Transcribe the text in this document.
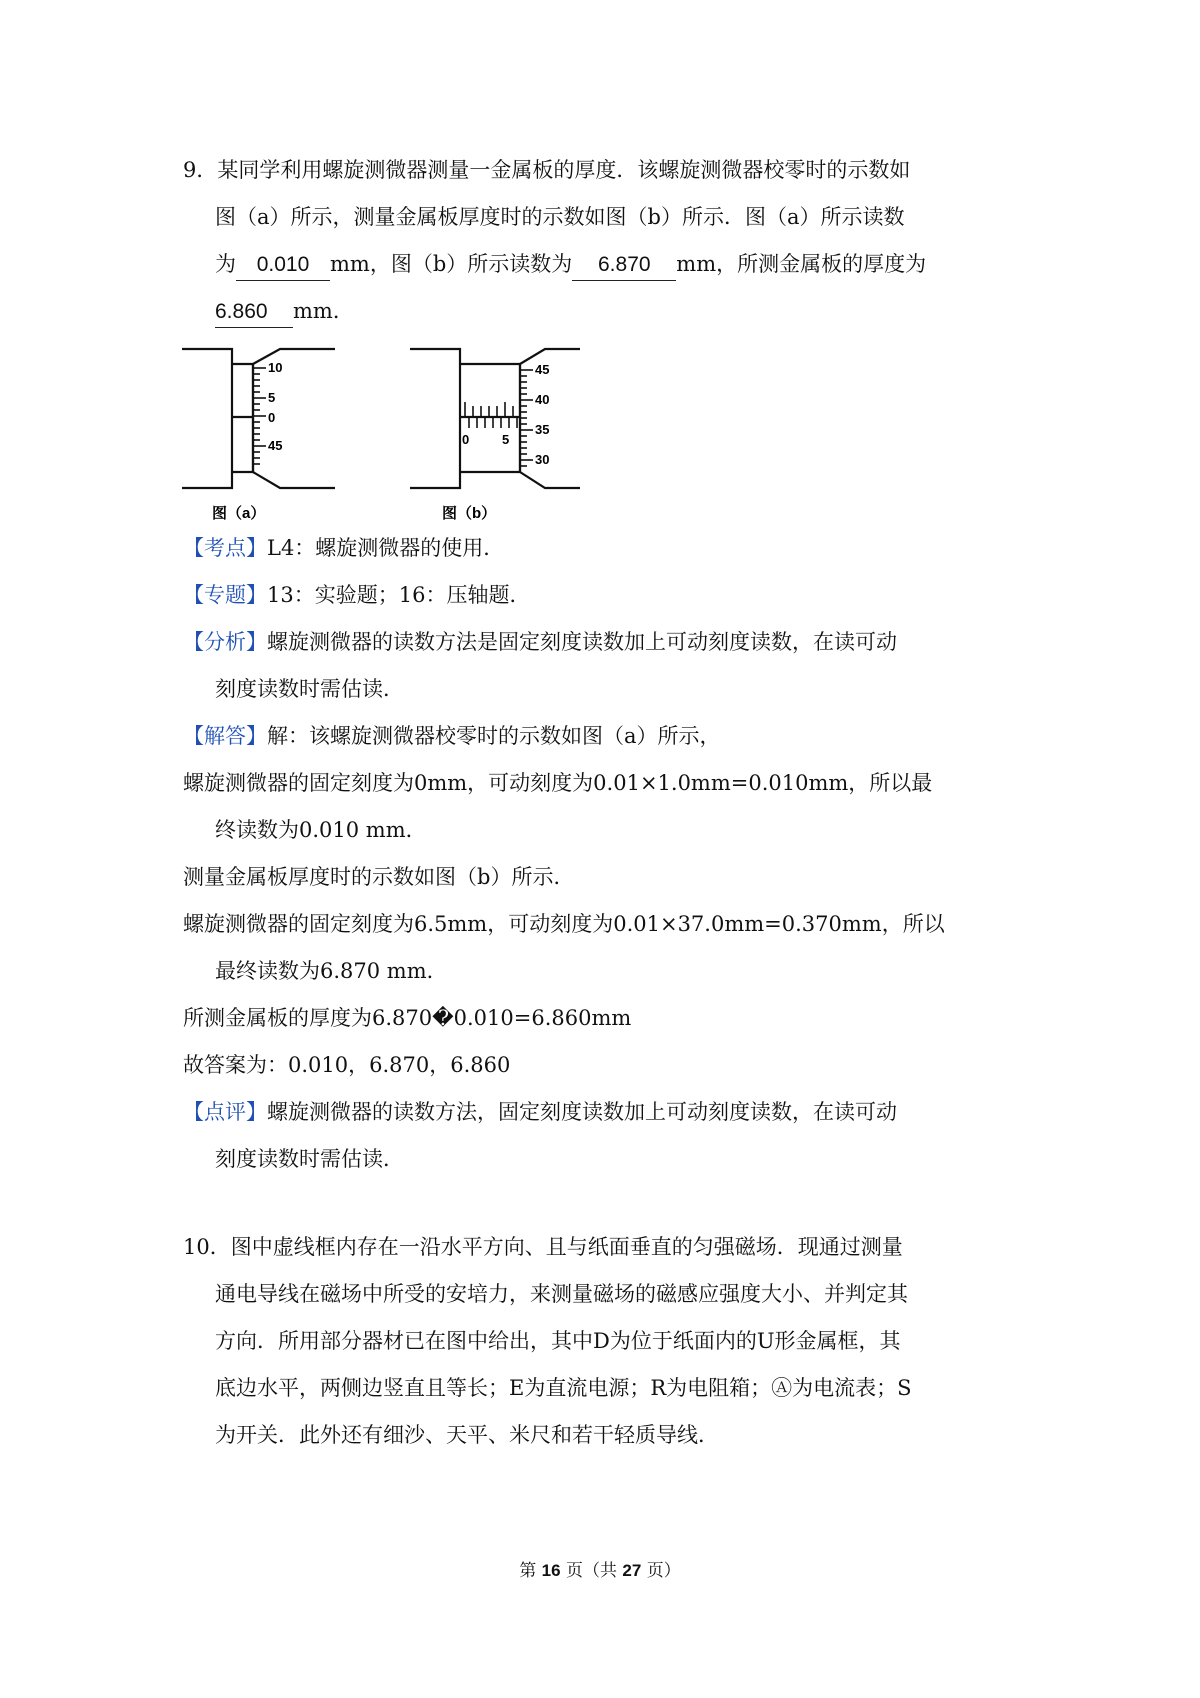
9．某同学利用螺旋测微器测量一金属板的厚度．该螺旋测微器校零时的示数如
图（a）所示，测量金属板厚度时的示数如图（b）所示．图（a）所示读数
为 0.010 mm，图（b）所示读数为 6.870 mm，所测金属板的厚度为
6.860 mm．
10
5
0
45
图（a）
45
40
35
30
0	5
图（b）
【考点】L4：螺旋测微器的使用．
【专题】13：实验题；16：压轴题．
【分析】螺旋测微器的读数方法是固定刻度读数加上可动刻度读数，在读可动
刻度读数时需估读．
【解答】解：该螺旋测微器校零时的示数如图（a）所示，
螺旋测微器的固定刻度为0mm，可动刻度为0.01×1.0mm=0.010mm，所以最
终读数为0.010 mm．
测量金属板厚度时的示数如图（b）所示．
螺旋测微器的固定刻度为6.5mm，可动刻度为0.01×37.0mm=0.370mm，所以
最终读数为6.870 mm．
所测金属板的厚度为6.870�0.010=6.860mm
故答案为：0.010，6.870，6.860
【点评】螺旋测微器的读数方法，固定刻度读数加上可动刻度读数，在读可动
刻度读数时需估读．
10．图中虚线框内存在一沿水平方向、且与纸面垂直的匀强磁场．现通过测量
通电导线在磁场中所受的安培力，来测量磁场的磁感应强度大小、并判定其
方向．所用部分器材已在图中给出，其中D为位于纸面内的U形金属框，其
底边水平，两侧边竖直且等长；E为直流电源；R为电阻箱；Ⓐ为电流表；S
为开关．此外还有细沙、天平、米尺和若干轻质导线．
第 16 页（共 27 页）
